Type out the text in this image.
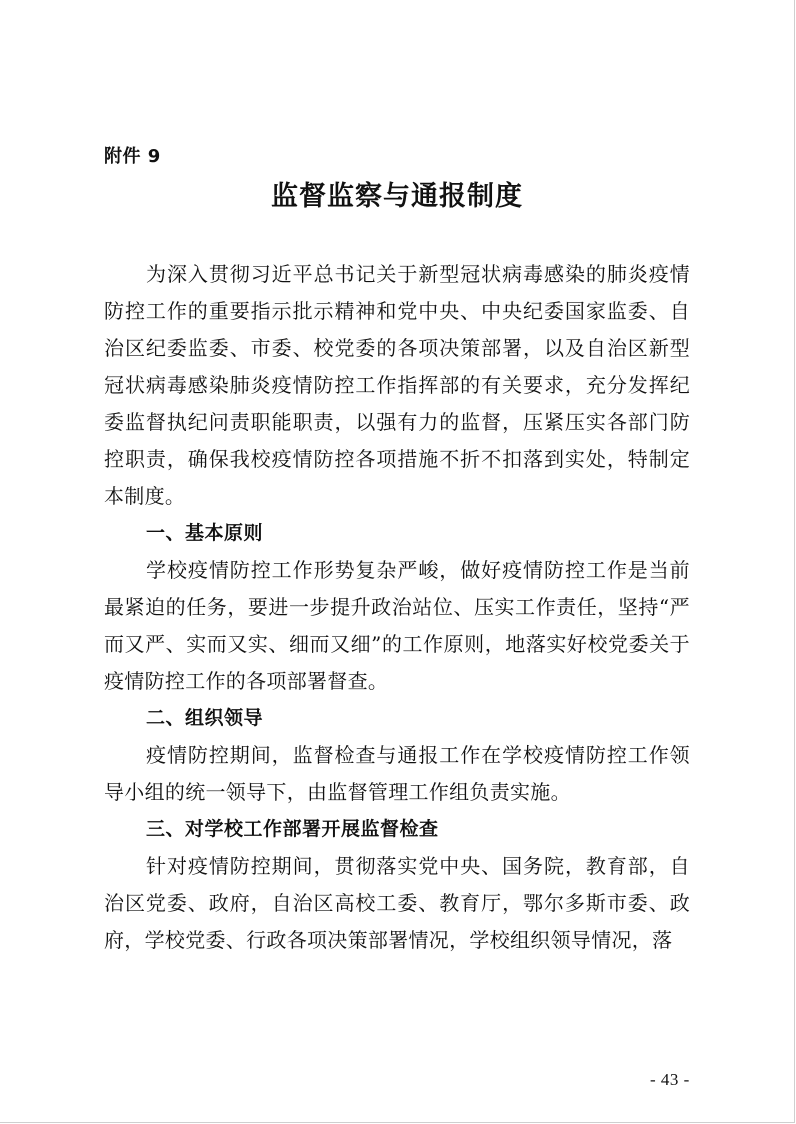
附件 9
监督监察与通报制度

为深入贯彻习近平总书记关于新型冠状病毒感染的肺炎疫情防控工作的重要指示批示精神和党中央、中央纪委国家监委、自治区纪委监委、市委、校党委的各项决策部署，以及自治区新型冠状病毒感染肺炎疫情防控工作指挥部的有关要求，充分发挥纪委监督执纪问责职能职责，以强有力的监督，压紧压实各部门防控职责，确保我校疫情防控各项措施不折不扣落到实处，特制定本制度。

一、基本原则

学校疫情防控工作形势复杂严峻，做好疫情防控工作是当前最紧迫的任务，要进一步提升政治站位、压实工作责任，坚持“严而又严、实而又实、细而又细”的工作原则，地落实好校党委关于疫情防控工作的各项部署督查。

二、组织领导

疫情防控期间，监督检查与通报工作在学校疫情防控工作领导小组的统一领导下，由监督管理工作组负责实施。

三、对学校工作部署开展监督检查

针对疫情防控期间，贯彻落实党中央、国务院，教育部，自治区党委、政府，自治区高校工委、教育厅，鄂尔多斯市委、政府，学校党委、行政各项决策部署情况，学校组织领导情况，落

- 43 -
